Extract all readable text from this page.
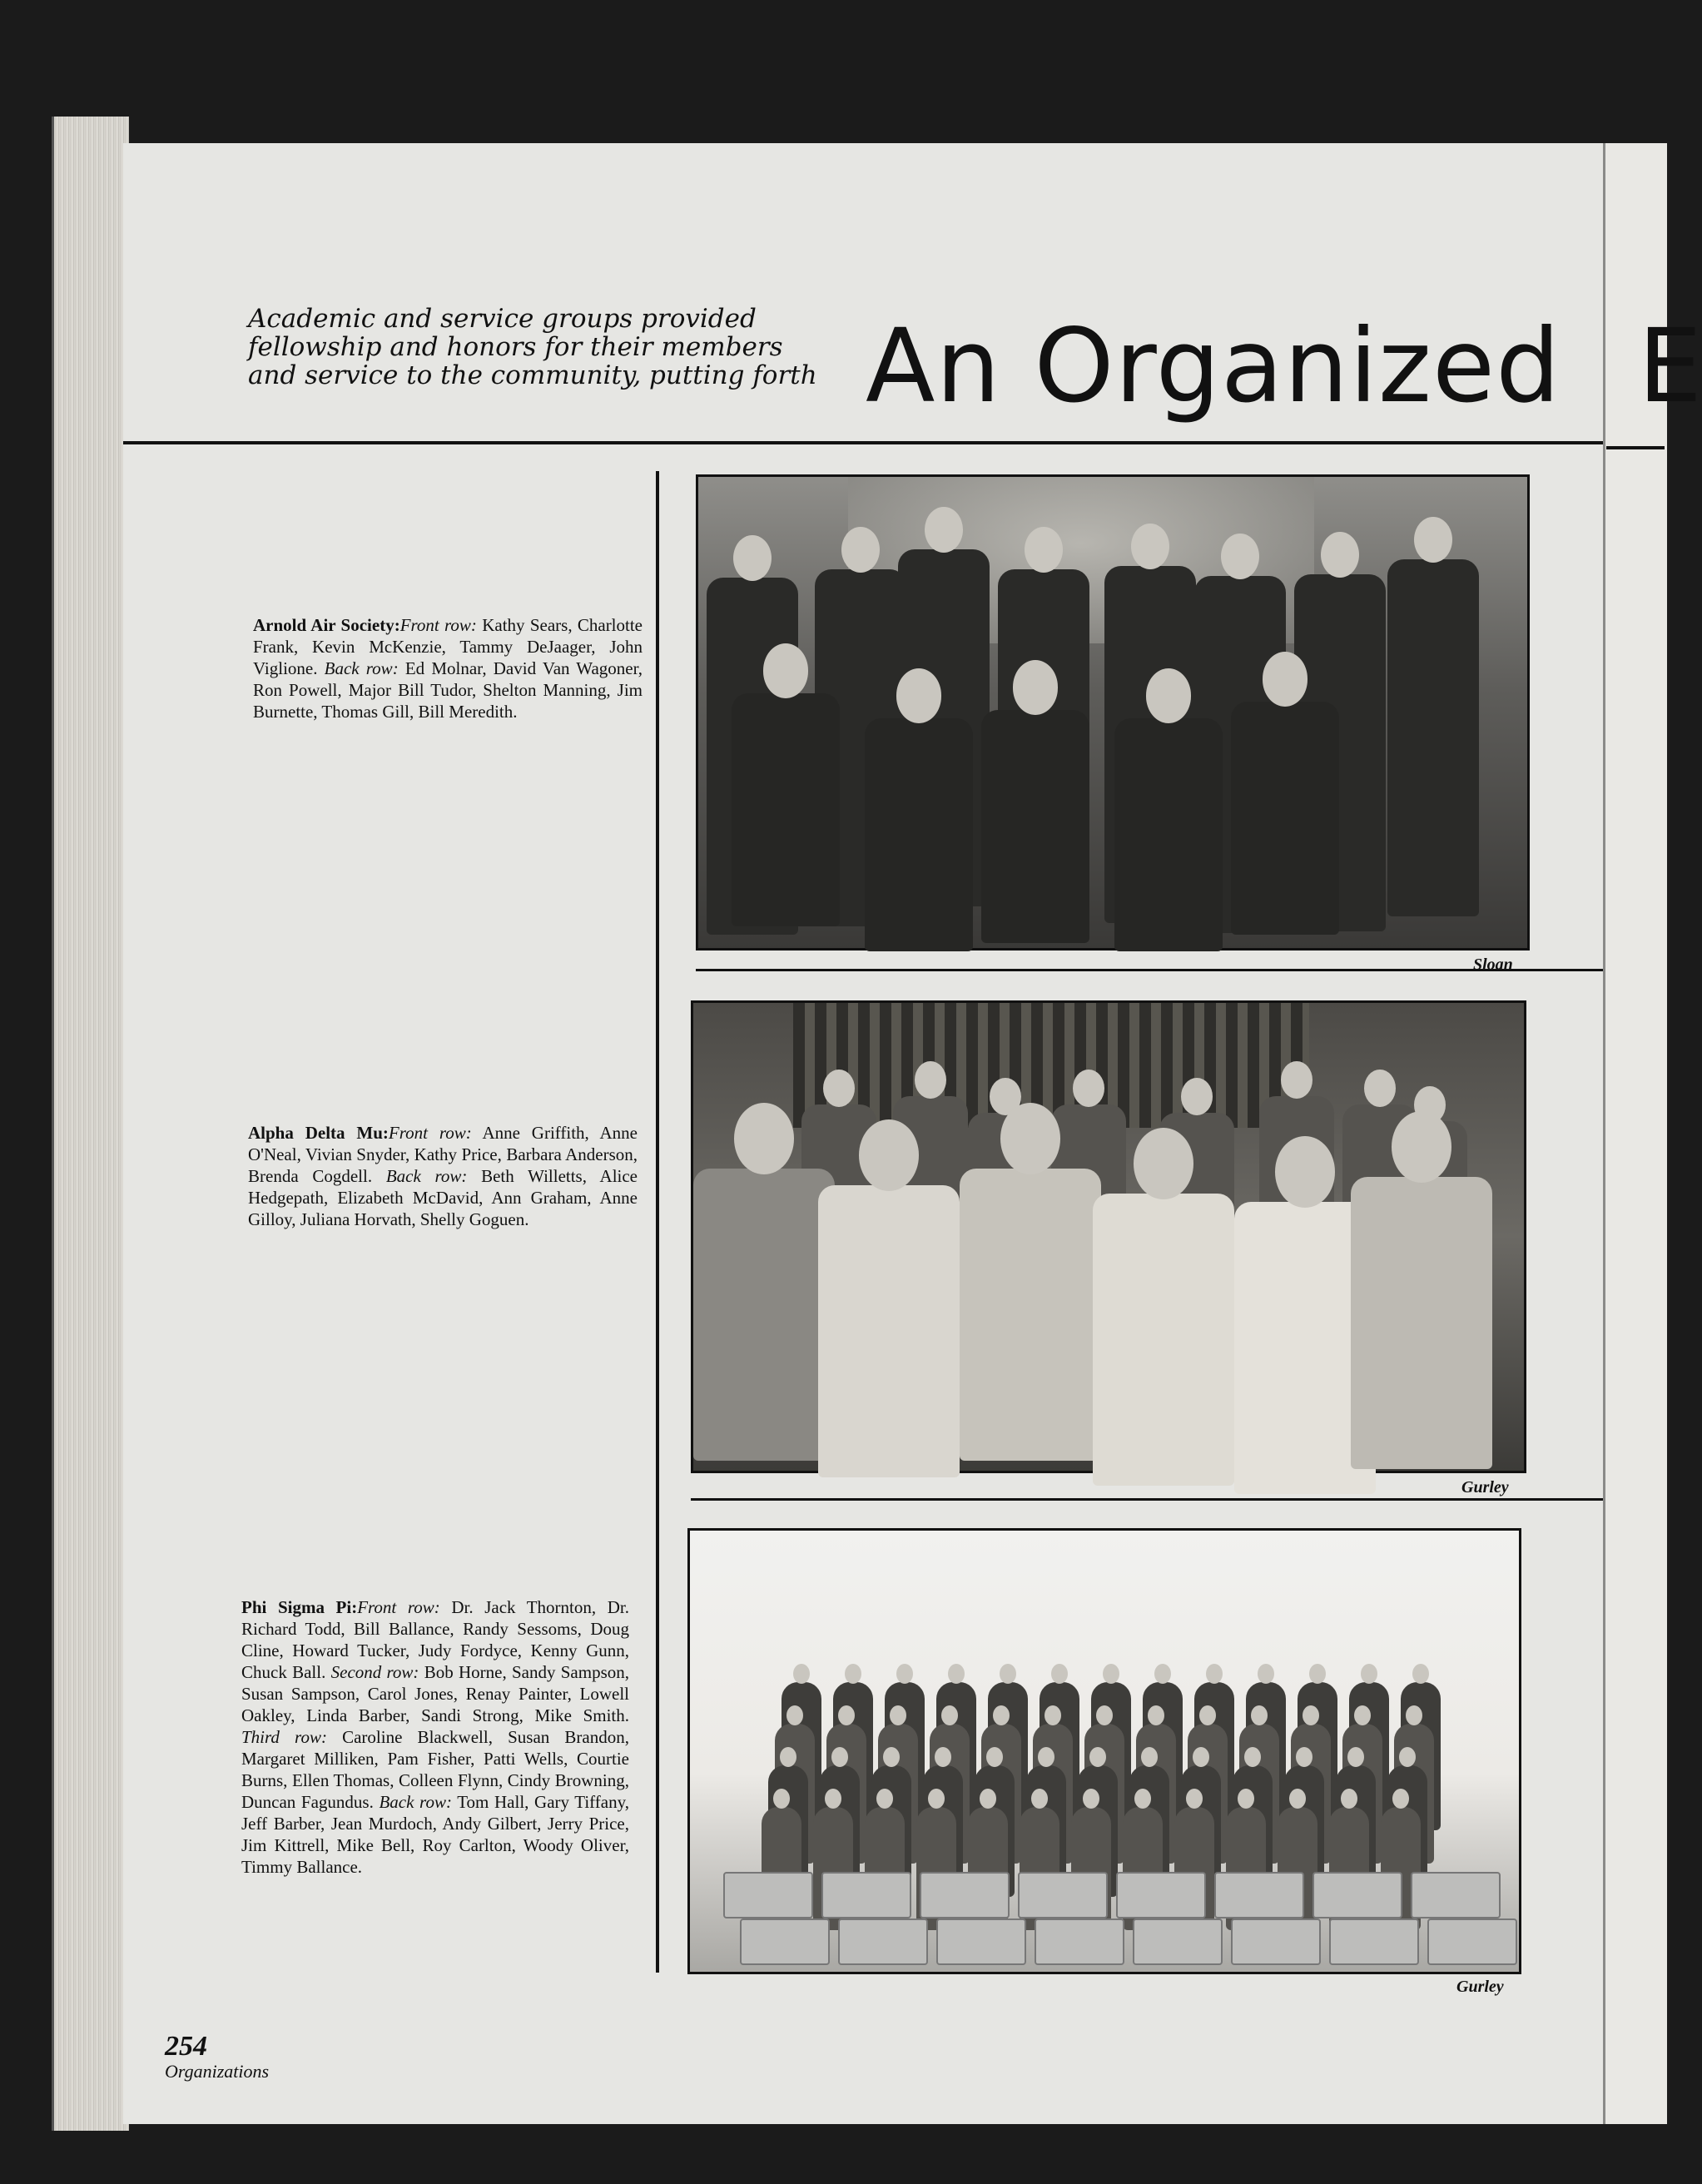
Academic and service groups provided fellowship and honors for their members and service to the community, putting forth An Organized E
Arnold Air Society:Front row: Kathy Sears, Charlotte Frank, Kevin McKenzie, Tammy DeJaager, John Viglione. Back row: Ed Molnar, David Van Wagoner, Ron Powell, Major Bill Tudor, Shelton Manning, Jim Burnette, Thomas Gill, Bill Meredith.
Alpha Delta Mu:Front row: Anne Griffith, Anne O'Neal, Vivian Snyder, Kathy Price, Barbara Anderson, Brenda Cogdell. Back row: Beth Willetts, Alice Hedgepath, Elizabeth McDavid, Ann Graham, Anne Gilloy, Juliana Horvath, Shelly Goguen.
Phi Sigma Pi:Front row: Dr. Jack Thornton, Dr. Richard Todd, Bill Ballance, Randy Sessoms, Doug Cline, Howard Tucker, Judy Fordyce, Kenny Gunn, Chuck Ball. Second row: Bob Horne, Sandy Sampson, Susan Sampson, Carol Jones, Renay Painter, Lowell Oakley, Linda Barber, Sandi Strong, Mike Smith. Third row: Caroline Blackwell, Susan Brandon, Margaret Milliken, Pam Fisher, Patti Wells, Courtie Burns, Ellen Thomas, Colleen Flynn, Cindy Browning, Duncan Fagundus. Back row: Tom Hall, Gary Tiffany, Jeff Barber, Jean Murdoch, Andy Gilbert, Jerry Price, Jim Kittrell, Mike Bell, Roy Carlton, Woody Oliver, Timmy Ballance.
Sloan
Gurley
Gurley
254
Organizations
